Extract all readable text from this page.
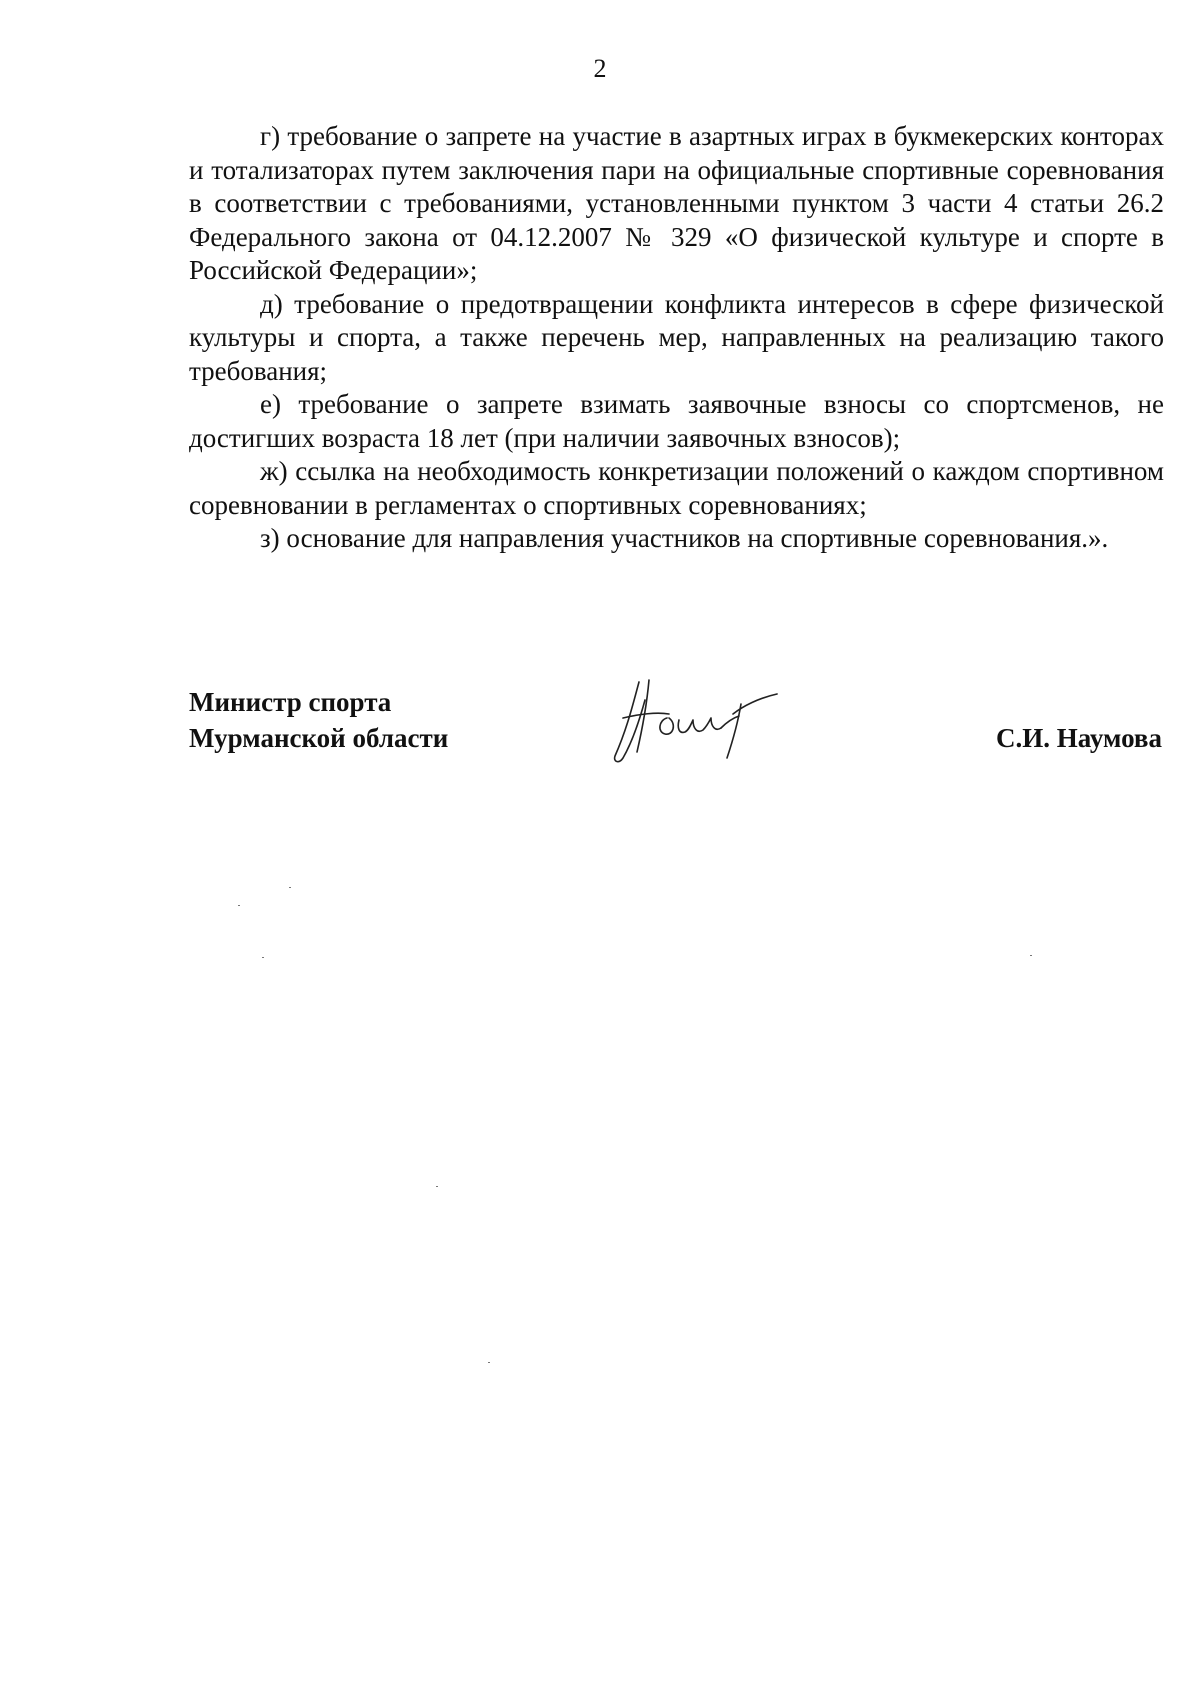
2

г) требование о запрете на участие в азартных играх в букмекерских конторах и тотализаторах путем заключения пари на официальные спортивные соревнования в соответствии с требованиями, установленными пунктом 3 части 4 статьи 26.2 Федерального закона от 04.12.2007 № 329 «О физической культуре и спорте в Российской Федерации»;

д) требование о предотвращении конфликта интересов в сфере физической культуры и спорта, а также перечень мер, направленных на реализацию такого требования;

е) требование о запрете взимать заявочные взносы со спортсменов, не достигших возраста 18 лет (при наличии заявочных взносов);

ж) ссылка на необходимость конкретизации положений о каждом спортивном соревновании в регламентах о спортивных соревнованиях;

з) основание для направления участников на спортивные соревнования.».

Министр спорта
Мурманской области	С.И. Наумова
